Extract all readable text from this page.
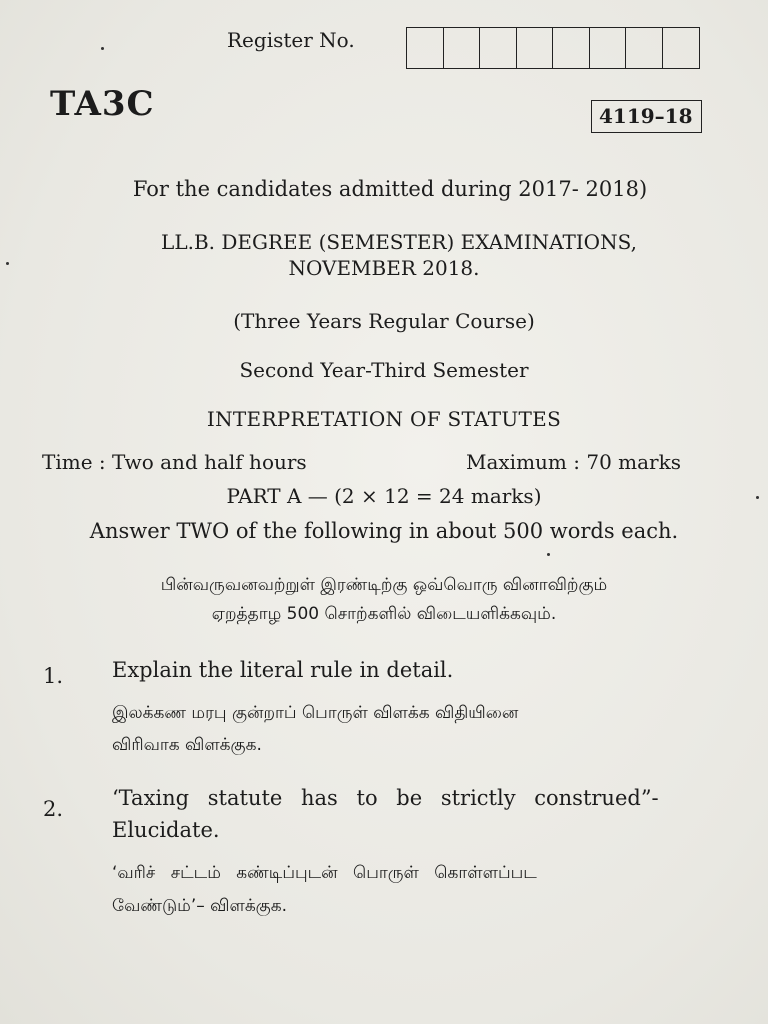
Register No.
TA3C	4119–18
For the candidates admitted during 2017- 2018)
LL.B. DEGREE (SEMESTER) EXAMINATIONS,
NOVEMBER 2018.
(Three Years Regular Course)
Second Year-Third Semester
INTERPRETATION OF STATUTES
Time : Two and half hours	Maximum : 70 marks
PART A — (2 × 12 = 24 marks)
Answer TWO of the following in about 500 words each.
பின்வருவனவற்றுள் இரண்டிற்கு ஒவ்வொரு வினாவிற்கும்
ஏறத்தாழ 500 சொற்களில் விடையளிக்கவும்.
1. Explain the literal rule in detail.
இலக்கண மரபு குன்றாப் பொருள் விளக்க விதியினை
விரிவாக விளக்குக.
2. ‘Taxing statute has to be strictly construed”-
Elucidate.
‘வரிச் சட்டம் கண்டிப்புடன் பொருள் கொள்ளப்பட
வேண்டும்’– விளக்குக.
